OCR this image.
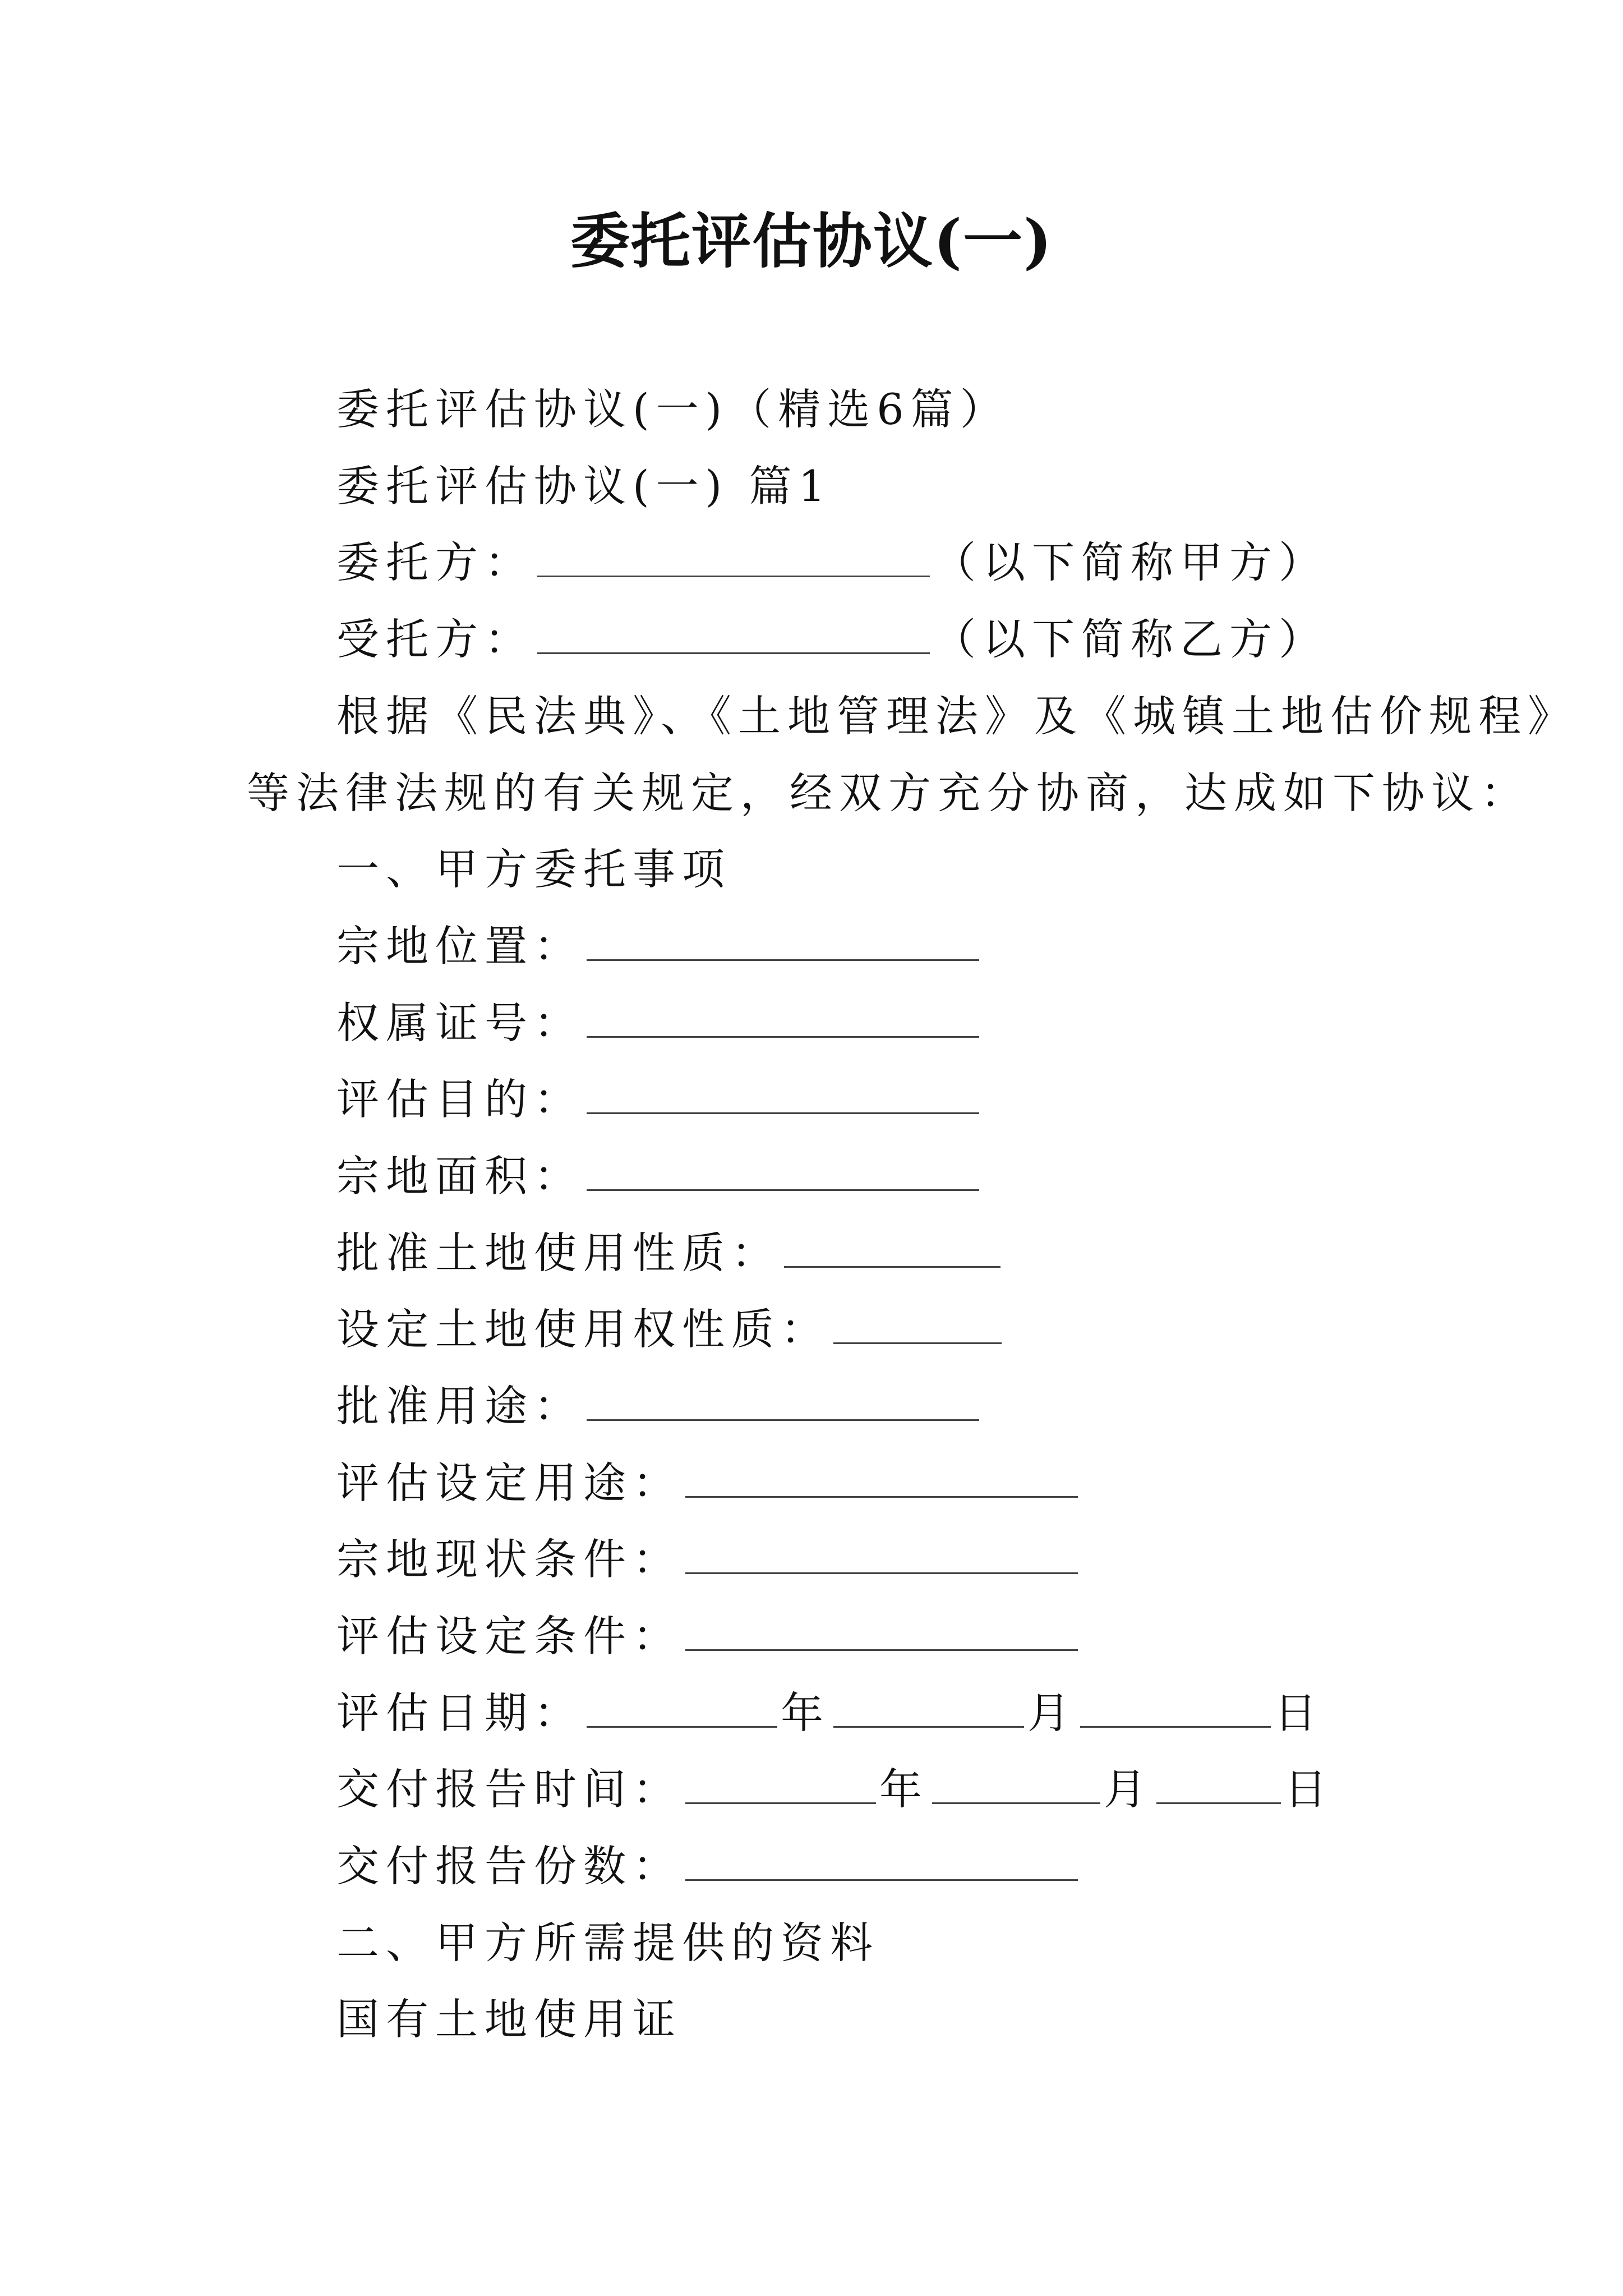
委托评估协议(一)
委托评估协议(一)（精选6篇）
委托评估协议(一) 篇1
委托方：	（以下简称甲方）
受托方：	（以下简称乙方）
根据《民法典》、《土地管理法》及《城镇土地估价规程》
等法律法规的有关规定，经双方充分协商，达成如下协议：
一、甲方委托事项
宗地位置：
权属证号：
评估目的：
宗地面积：
批准土地使用性质：
设定土地使用权性质：
批准用途：
评估设定用途：
宗地现状条件：
评估设定条件：
评估日期：	年	月	日
交付报告时间：	年	月	日
交付报告份数：
二、甲方所需提供的资料
国有土地使用证
